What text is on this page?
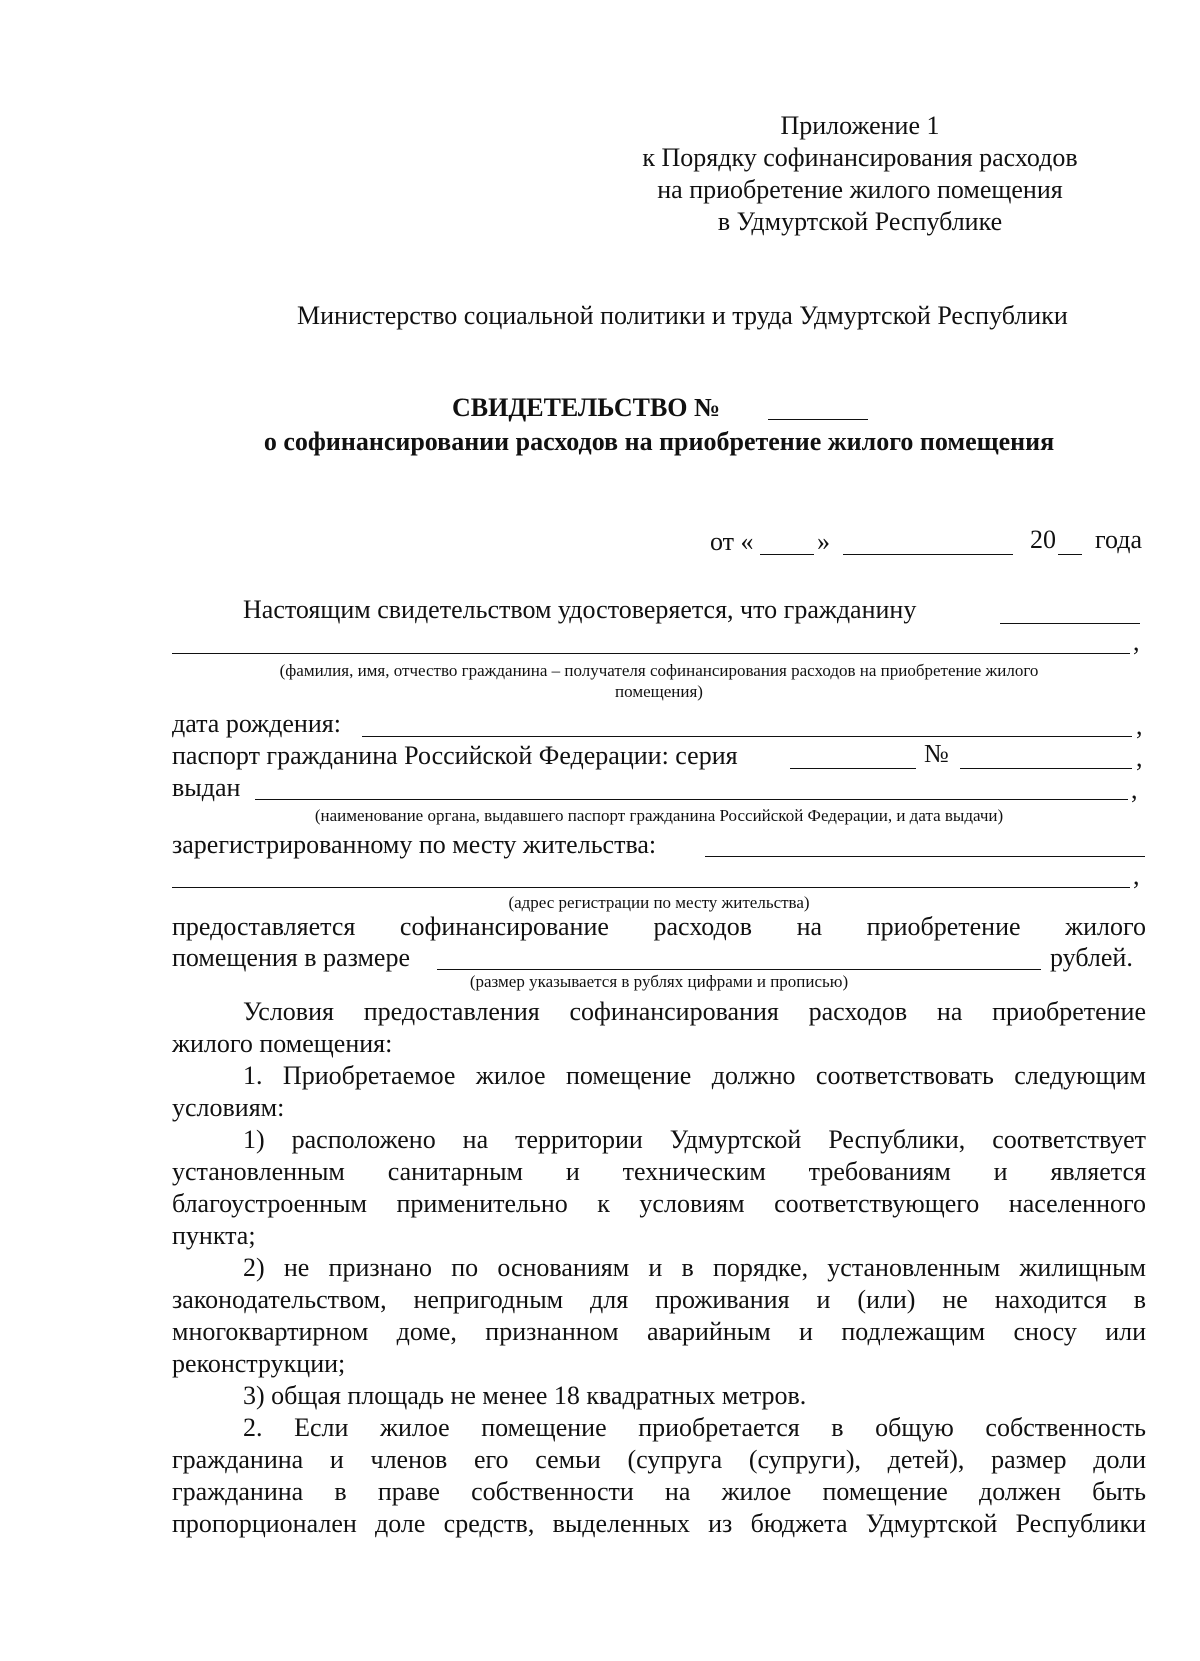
Приложение 1
к Порядку софинансирования расходов
на приобретение жилого помещения
в Удмуртской Республике
Министерство социальной политики и труда Удмуртской Республики
СВИДЕТЕЛЬСТВО №
о софинансировании расходов на приобретение жилого помещения
от « »	20 года
Настоящим свидетельством удостоверяется, что гражданину
,
(фамилия, имя, отчество гражданина – получателя софинансирования расходов на приобретение жилого
помещения)
дата рождения:	,
паспорт гражданина Российской Федерации: серия	№	,
выдан	,
(наименование органа, выдавшего паспорт гражданина Российской Федерации, и дата выдачи)
зарегистрированному по месту жительства:
,
(адрес регистрации по месту жительства)
предоставляется софинансирование расходов на приобретение жилого
помещения в размере	рублей.
(размер указывается в рублях цифрами и прописью)
Условия предоставления софинансирования расходов на приобретение
жилого помещения:
1. Приобретаемое жилое помещение должно соответствовать следующим
условиям:
1) расположено на территории Удмуртской Республики, соответствует
установленным санитарным и техническим требованиям и является
благоустроенным применительно к условиям соответствующего населенного
пункта;
2) не признано по основаниям и в порядке, установленным жилищным
законодательством, непригодным для проживания и (или) не находится в
многоквартирном доме, признанном аварийным и подлежащим сносу или
реконструкции;
3) общая площадь не менее 18 квадратных метров.
2. Если жилое помещение приобретается в общую собственность
гражданина и членов его семьи (супруга (супруги), детей), размер доли
гражданина в праве собственности на жилое помещение должен быть
пропорционален доле средств, выделенных из бюджета Удмуртской Республики
